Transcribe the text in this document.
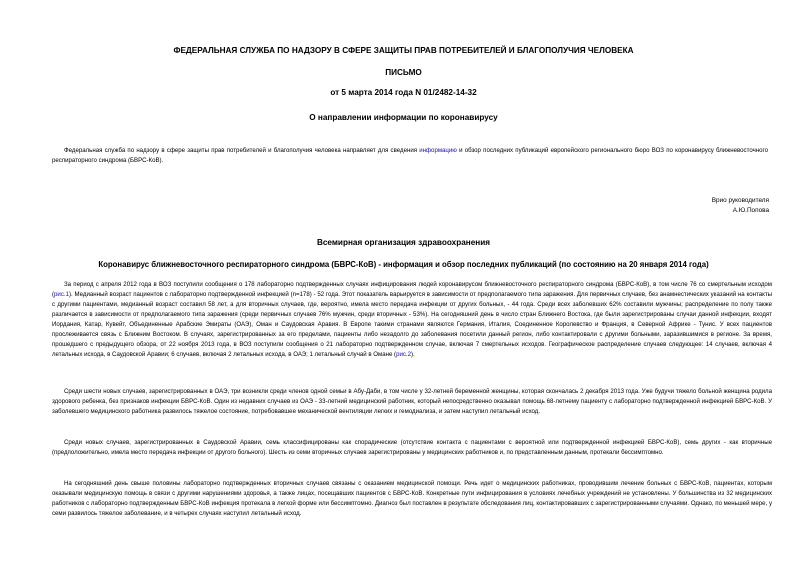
ФЕДЕРАЛЬНАЯ СЛУЖБА ПО НАДЗОРУ В СФЕРЕ ЗАЩИТЫ ПРАВ ПОТРЕБИТЕЛЕЙ И БЛАГОПОЛУЧИЯ ЧЕЛОВЕКА
ПИСЬМО
от 5 марта 2014 года N 01/2482-14-32
О направлении информации по коронавирусу
Федеральная служба по надзору в сфере защиты прав потребителей и благополучия человека направляет для сведения информацию и обзор последних публикаций европейского регионального бюро ВОЗ по коронавирусу ближневосточного респираторного синдрома (БВРС-КоВ).
Врио руководителя
А.Ю.Попова
Всемирная организация здравоохранения
Коронавирус ближневосточного респираторного синдрома (БВРС-КоВ) - информация и обзор последних публикаций (по состоянию на 20 января 2014 года)
За период с апреля 2012 года в ВОЗ поступили сообщения о 178 лабораторно подтвержденных случаях инфицирования людей коронавирусом ближневосточного респираторного синдрома (БВРС-КоВ), в том числе 76 со смертельным исходом (рис.1). Медианный возраст пациентов с лабораторно подтвержденной инфекцией (n=178) - 52 года. Этот показатель варьируется в зависимости от предполагаемого типа заражения. Для первичных случаев, без анамнестических указаний на контакты с другими пациентами, медианный возраст составил 58 лет, а для вторичных случаев, где, вероятно, имела место передача инфекции от других больных, - 44 года. Среди всех заболевших 62% составили мужчины; распределение по полу также различается в зависимости от предполагаемого типа заражения (среди первичных случаев 76% мужчин, среди вторичных - 53%). На сегодняшний день в число стран Ближнего Востока, где были зарегистрированы случаи данной инфекции, входят Иордания, Катар, Кувейт, Объединенные Арабские Эмираты (ОАЭ), Оман и Саудовская Аравия. В Европе такими странами являются Германия, Италия, Соединенное Королевство и Франция, в Северной Африке - Тунис. У всех пациентов прослеживается связь с Ближним Востоком. В случаях, зарегистрированных за его пределами, пациенты либо незадолго до заболевания посетили данный регион, либо контактировали с другими больными, заразившимися в регионе. За время, прошедшего с предыдущего обзора, от 22 ноября 2013 года, в ВОЗ поступили сообщения о 21 лабораторно подтвержденном случае, включая 7 смертельных исходов. Географическое распределение случаев следующее: 14 случаев, включая 4 летальных исхода, в Саудовской Аравии; 6 случаев, включая 2 летальных исхода, в ОАЭ; 1 летальный случай в Омане (рис.2).
Среди шести новых случаев, зарегистрированных в ОАЭ, три возникли среди членов одной семьи в Абу-Даби, в том числе у 32-летней беременной женщины, которая скончалась 2 декабря 2013 года. Уже будучи тяжело больной женщина родила здорового ребенка, без признаков инфекции БВРС-КоВ. Один из недавних случаев из ОАЭ - 33-летний медицинский работник, который непосредственно оказывал помощь 68-летнему пациенту с лабораторно подтвержденной инфекцией БВРС-КоВ. У заболевшего медицинского работника развилось тяжелое состояние, потребовавшее механической вентиляции легких и гемодиализа, и затем наступил летальный исход.
Среди новых случаев, зарегистрированных в Саудовской Аравии, семь классифицированы как спорадические (отсутствие контакта с пациентами с вероятной или подтвержденной инфекцией БВРС-КоВ), семь других - как вторичные (предположительно, имела место передача инфекции от другого больного). Шесть из семи вторичных случаев зарегистрированы у медицинских работников и, по представленным данным, протекали бессимптомно.
На сегодняшний день свыше половины лабораторно подтвержденных вторичных случаев связаны с оказанием медицинской помощи. Речь идет о медицинских работниках, проводившим лечение больных с БВРС-КоВ, пациентах, которым оказывали медицинскую помощь в связи с другими нарушениями здоровья, а также лицах, посещавших пациентов с БВРС-КоВ. Конкретные пути инфицирования в условиях лечебных учреждений не установлены. У большинства из 32 медицинских работников с лабораторно подтвержденным БВРС-КоВ инфекция протекала в легкой форме или бессимптомно. Диагноз был поставлен в результате обследования лиц, контактировавших с зарегистрированными случаями. Однако, по меньшей мере, у семи развилось тяжелое заболевание, и в четырех случаях наступил летальный исход.
